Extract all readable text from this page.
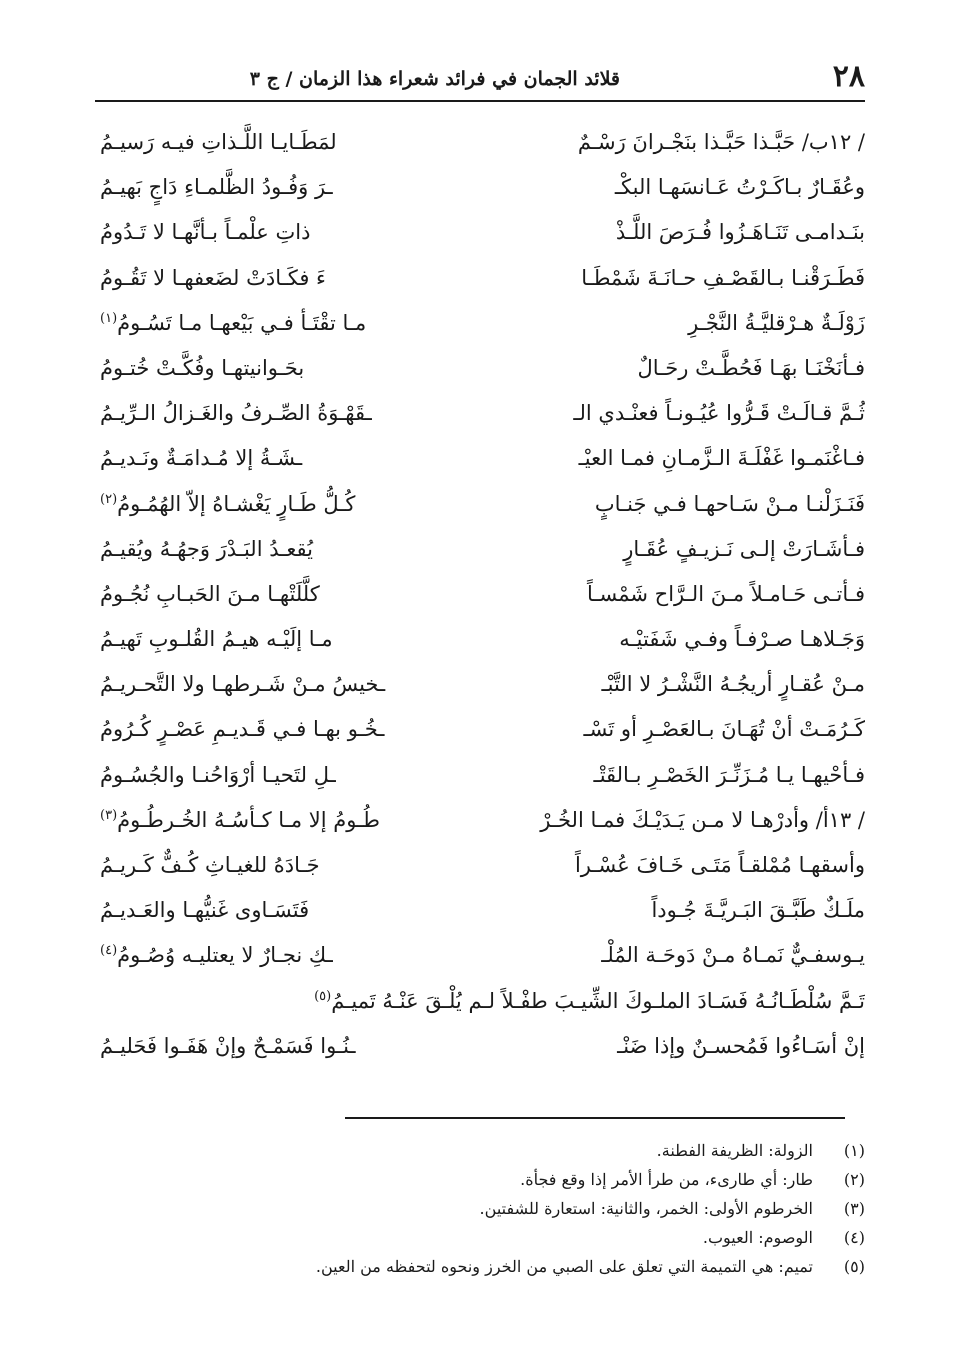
٢٨
قلائد الجمان في فرائد شعراء هذا الزمان / ج ٣
/ ١٢ب/ حَبَّـذا حَبَّـذا بنَجْـرانَ رَسْـمٌ
لمَطَـايـا اللَّـذاتِ فيـه رَسيـمُ
وعُقَـارٌ بـاكَـرْتُ عَـانسَهـا البكْـ
ـرَ وَفُـودُ الظَّلمـاءِ دَاجٍ بَهيـمُ
بنَـدامـى تَنَـاهَـزُوا فُـرَصَ اللَّـذْ
ذاتِ علْمـاً بـأنَّهـا لا تَـدُومُ
فَطَـرَقْنـا بـالقَصْـفِ حـانَـةَ شَمْطَـا
ءَ فكَـادَتْ لضَعفهـا لا تَقُـومُ
زَوْلَـةٌ هـرْقليَّـةُ النَّجْـرِ
مـا تقْتَـأ فـي بَيْعهـا مـا تَسُـومُ$^{(١)}$
فـأنَخْنَـا بهَـا فَحُطَّـتْ رحَـالٌ
بحَـوانيتهـا وفُكَّـتْ خُتـومُ
ثُـمَّ قـالَـتْ قَـرُّوا عُيُـونـاً فعنْـدي الـ
ـقَهْـوَةُ الصِّـرفُ والغَـزالُ الـرِّيـمُ
فـاغْنَمـوا غَفْلَـةَ الـزَّمـانِ فمـا العيْـ
ـشَـةُ إلا مُـدامَـةٌ ونَـديـمُ
فَنَـزَلْنـا مـنْ سَـاحهـا فـي جَنـابٍ
كُـلُّ طَـارٍ يَغْشـاهُ إلاّ الهُمُـومُ$^{(٢)}$
فـأشَـارَتْ إلـى نَـزيـفٍ عُقَـارٍ
يُقعـدُ البَـدْرَ وَجهُـهُ ويُقيـمُ
فـأتـى حَـامـلاً مـنَ الـرَّاح شَمْسـاً
كلَّلَتْهـا مـنَ الحَبـابِ نُجُـومُ
وَجَـلاهـا صـرْفـاً وفـي شَفَتيْـه
مـا إلَيْـه هيـمُ القُلـوبِ تَهيـمُ
مـنْ عُقـارٍ أريجُـهُ النَّشْـرُ لا التَّبْـ
ـخيسُ مـنْ شَـرطهـا ولا التَّحـريـمُ
كَـرُمَـتْ أنْ تُهَـانَ بـالعَصْـرِ أو تَسْـ
ـخُـو بهـا فـي قَـديـمِ عَصْـرٍ كُـرُومُ
فـأحْيهـا يـا مُـزَنِّـرَ الخَصْـرِ بـالقَتْـ
ـلِ لتَحيـا أرْوَاحُنـا والجُسُـومُ
/ ١٣أ/ وأدرْهـا لا مـن يَـدَيْـكَ فمـا الخُـرْ
طُـومُ إلا مـا كـأسُـهُ الخُـرطُـومُ$^{(٣)}$
وأسقهـا مُمْلقـاً مَتَـى خَـافَ عُسْـراً
جَـادَهُ للغيـاثِ كُـفٌّ كَـريـمُ
ملَـكٌ طَبَّـقَ البَـريَّـةَ جُـوداً
فَتَسَـاوى غَنيُّهـا والعَـديـمُ
يـوسفـيٌّ نَمـاهُ مـنْ دَوحَـة المُلْـ
ـكِ نجـارٌ لا يعتليـه وُصُـومُ$^{(٤)}$
تَـمَّ سُلْطَـانُـهُ فَسَـادَ الملـوكَ الشِّيـبَ طفْـلاً لـم يُلْـقَ عَنْـهُ تَميـمُ$^{(٥)}$
إنْ أسَـاءُوا فَمُحسـنٌ وإذا ضَنْـ
ـنُـوا فَسَمْـحٌ وإنْ هَفَـوا فَحَليـمُ
(١)
الزولة: الظريفة الفطنة.
(٢)
طار: أي طارىء، من طرأ الأمر إذا وقع فجأة.
(٣)
الخرطوم الأولى: الخمر، والثانية: استعارة للشفتين.
(٤)
الوصوم: العيوب.
(٥)
تميم: هي التميمة التي تعلق على الصبي من الخرز ونحوه لتحفظه من العين.
